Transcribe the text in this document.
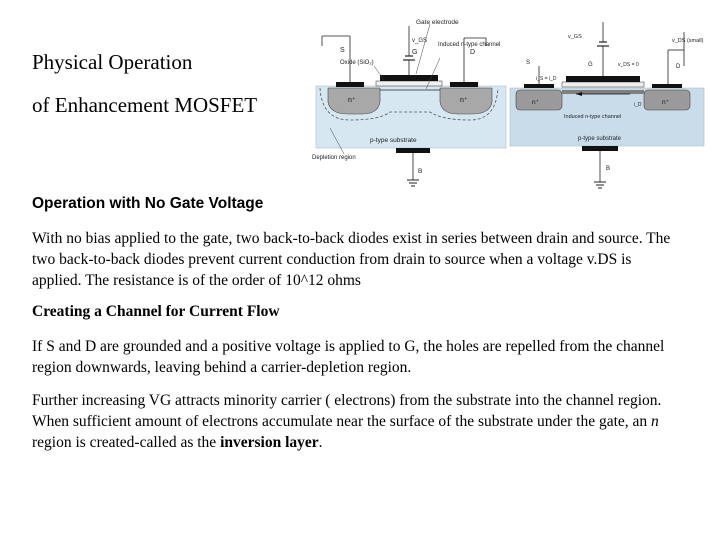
Physical Operation
of Enhancement MOSFET
Gate electrode
v_GS
S	G	D
Oxide (SiO₂)
Induced n-type channel
n⁺	n⁺
p-type substrate
Depletion region
B
v_DS (small)
v_GS
S	G	D
v_DS = 0
i_S = i_D
i_D
n⁺	n⁺
Induced n-type channel
p-type substrate
B
Operation with No Gate Voltage
With no bias applied to the gate, two back-to-back diodes exist in series between drain and source. The two back-to-back diodes prevent current conduction from drain to source when a voltage v.DS is applied. The resistance is of the order of 10^12 ohms
Creating a Channel for Current Flow
If S and D are grounded and a positive voltage is applied to G, the holes are repelled from the channel region downwards, leaving behind a carrier-depletion region.
Further increasing VG attracts minority carrier ( electrons) from the substrate into the channel region. When sufficient amount of electrons accumulate near the surface of the substrate under the gate, an n region is created-called as the inversion layer.
